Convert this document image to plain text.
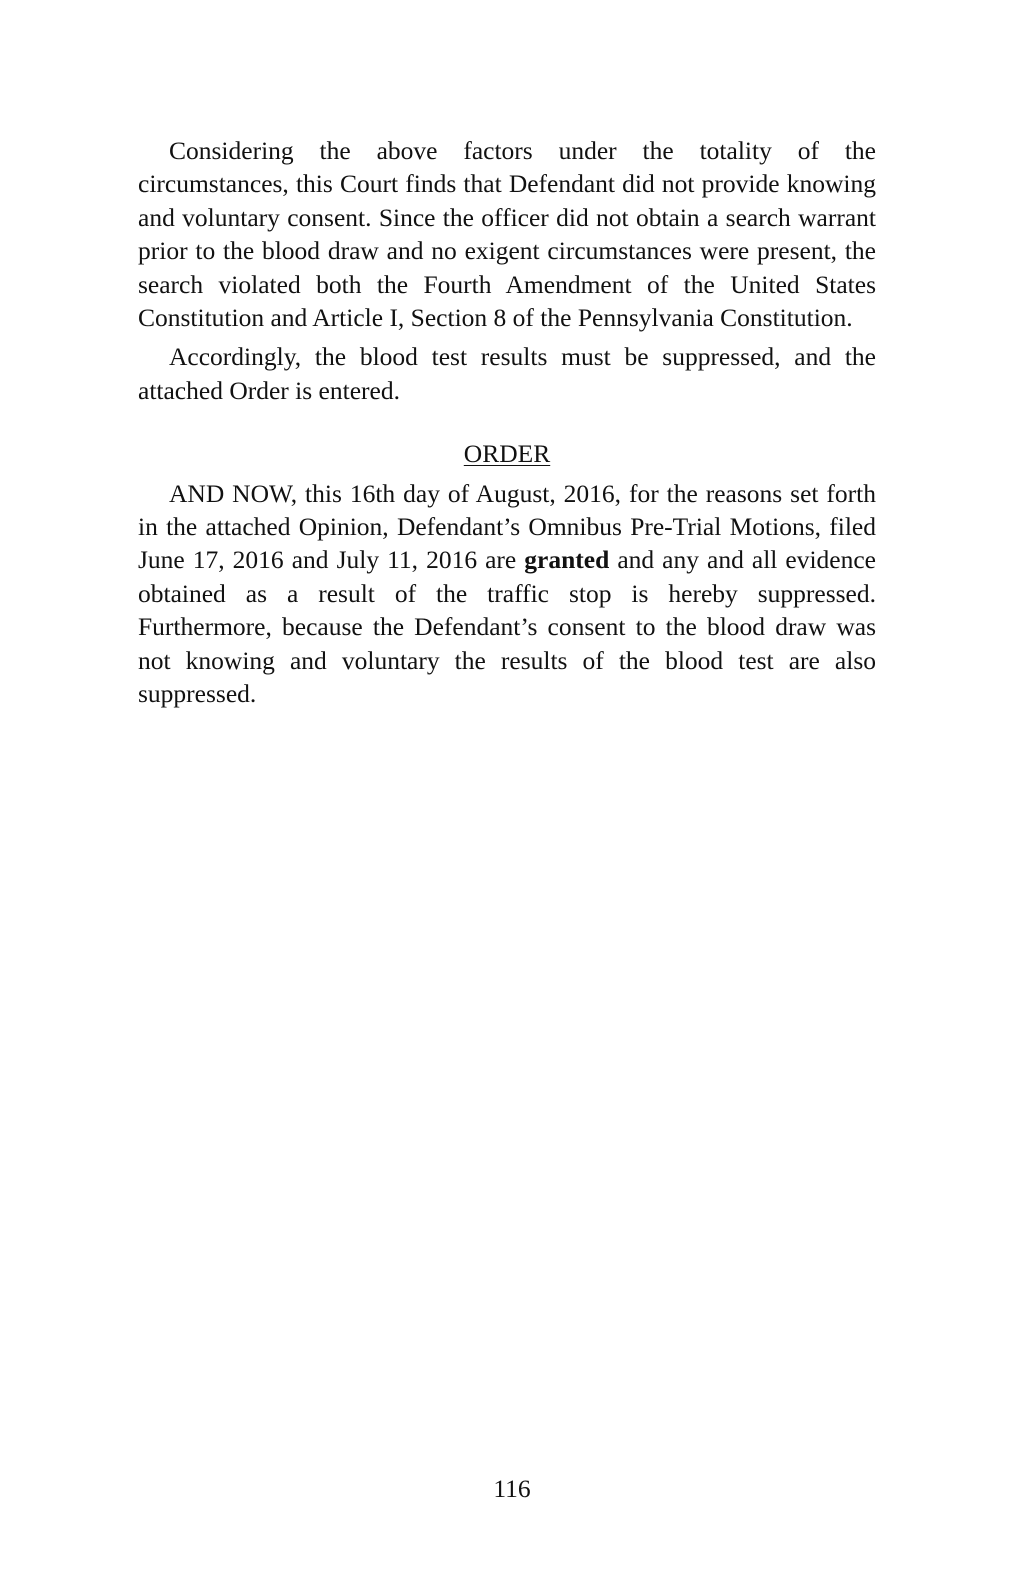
Considering the above factors under the totality of the circumstances, this Court finds that Defendant did not provide knowing and voluntary consent. Since the officer did not obtain a search warrant prior to the blood draw and no exigent circumstances were present, the search violated both the Fourth Amendment of the United States Constitution and Article I, Section 8 of the Pennsylvania Constitution.

Accordingly, the blood test results must be suppressed, and the attached Order is entered.

ORDER

AND NOW, this 16th day of August, 2016, for the reasons set forth in the attached Opinion, Defendant’s Omnibus Pre-Trial Motions, filed June 17, 2016 and July 11, 2016 are granted and any and all evidence obtained as a result of the traffic stop is hereby suppressed. Furthermore, because the Defendant’s consent to the blood draw was not knowing and voluntary the results of the blood test are also suppressed.

116
